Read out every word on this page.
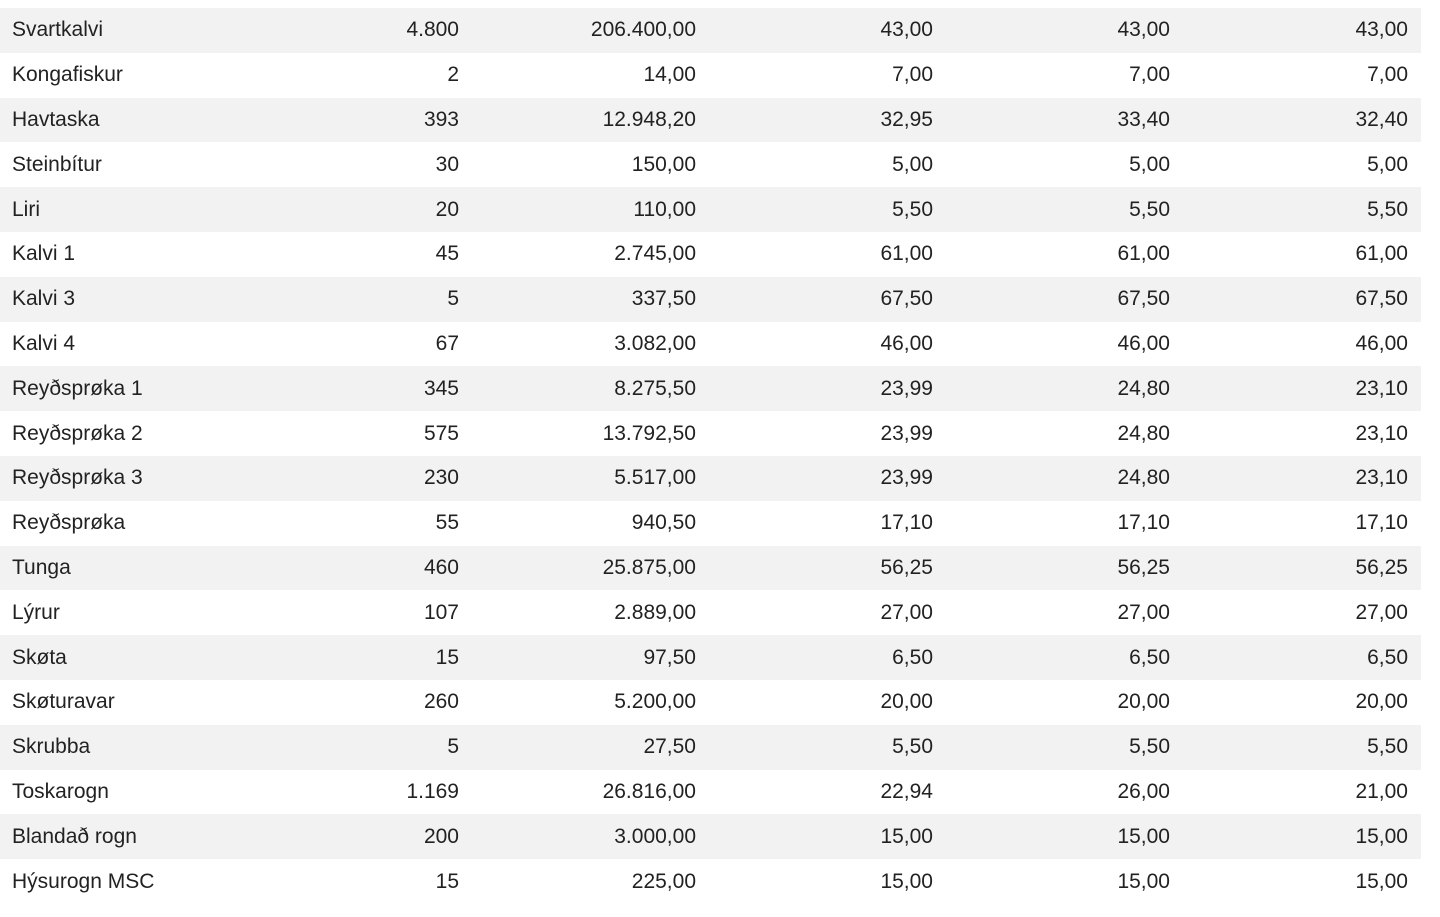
Svartkalvi	4.800	206.400,00	43,00	43,00	43,00
Kongafiskur	2	14,00	7,00	7,00	7,00
Havtaska	393	12.948,20	32,95	33,40	32,40
Steinbítur	30	150,00	5,00	5,00	5,00
Liri	20	110,00	5,50	5,50	5,50
Kalvi 1	45	2.745,00	61,00	61,00	61,00
Kalvi 3	5	337,50	67,50	67,50	67,50
Kalvi 4	67	3.082,00	46,00	46,00	46,00
Reyðsprøka 1	345	8.275,50	23,99	24,80	23,10
Reyðsprøka 2	575	13.792,50	23,99	24,80	23,10
Reyðsprøka 3	230	5.517,00	23,99	24,80	23,10
Reyðsprøka	55	940,50	17,10	17,10	17,10
Tunga	460	25.875,00	56,25	56,25	56,25
Lýrur	107	2.889,00	27,00	27,00	27,00
Skøta	15	97,50	6,50	6,50	6,50
Skøturavar	260	5.200,00	20,00	20,00	20,00
Skrubba	5	27,50	5,50	5,50	5,50
Toskarogn	1.169	26.816,00	22,94	26,00	21,00
Blandað rogn	200	3.000,00	15,00	15,00	15,00
Hýsurogn MSC	15	225,00	15,00	15,00	15,00
